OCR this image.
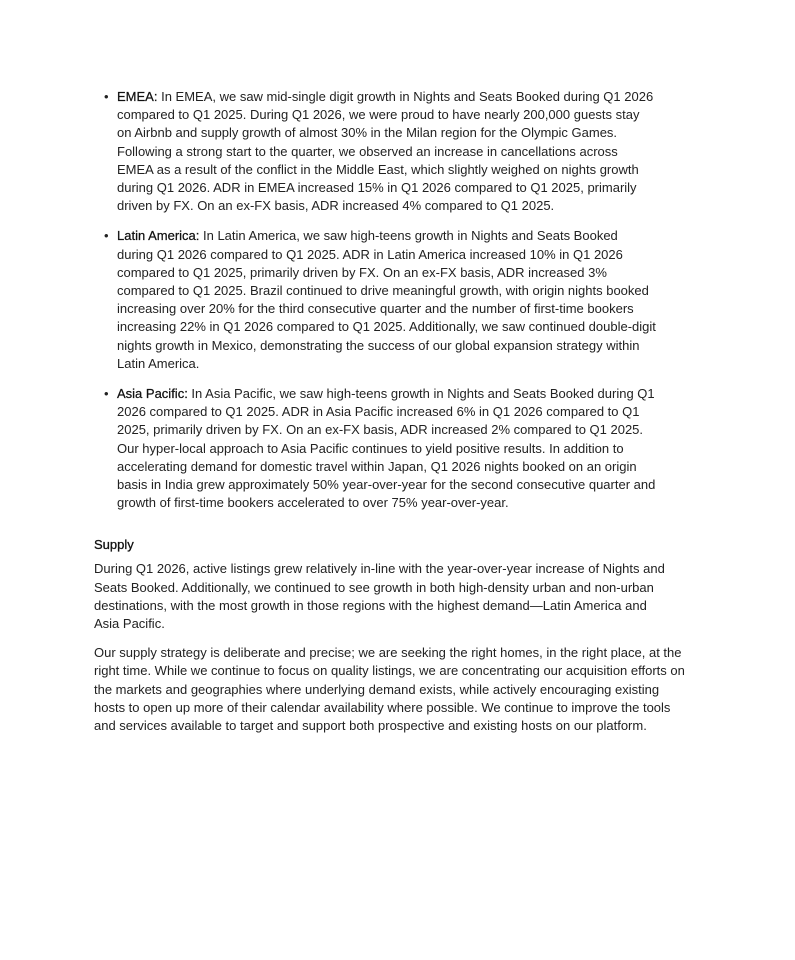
• EMEA: In EMEA, we saw mid-single digit growth in Nights and Seats Booked during Q1 2026 compared to Q1 2025. During Q1 2026, we were proud to have nearly 200,000 guests stay on Airbnb and supply growth of almost 30% in the Milan region for the Olympic Games. Following a strong start to the quarter, we observed an increase in cancellations across EMEA as a result of the conflict in the Middle East, which slightly weighed on nights growth during Q1 2026. ADR in EMEA increased 15% in Q1 2026 compared to Q1 2025, primarily driven by FX. On an ex-FX basis, ADR increased 4% compared to Q1 2025.
• Latin America: In Latin America, we saw high-teens growth in Nights and Seats Booked during Q1 2026 compared to Q1 2025. ADR in Latin America increased 10% in Q1 2026 compared to Q1 2025, primarily driven by FX. On an ex-FX basis, ADR increased 3% compared to Q1 2025. Brazil continued to drive meaningful growth, with origin nights booked increasing over 20% for the third consecutive quarter and the number of first-time bookers increasing 22% in Q1 2026 compared to Q1 2025. Additionally, we saw continued double-digit nights growth in Mexico, demonstrating the success of our global expansion strategy within Latin America.
• Asia Pacific: In Asia Pacific, we saw high-teens growth in Nights and Seats Booked during Q1 2026 compared to Q1 2025. ADR in Asia Pacific increased 6% in Q1 2026 compared to Q1 2025, primarily driven by FX. On an ex-FX basis, ADR increased 2% compared to Q1 2025. Our hyper-local approach to Asia Pacific continues to yield positive results. In addition to accelerating demand for domestic travel within Japan, Q1 2026 nights booked on an origin basis in India grew approximately 50% year-over-year for the second consecutive quarter and growth of first-time bookers accelerated to over 75% year-over-year.
Supply

During Q1 2026, active listings grew relatively in-line with the year-over-year increase of Nights and Seats Booked. Additionally, we continued to see growth in both high-density urban and non-urban destinations, with the most growth in those regions with the highest demand—Latin America and Asia Pacific.

Our supply strategy is deliberate and precise; we are seeking the right homes, in the right place, at the right time. While we continue to focus on quality listings, we are concentrating our acquisition efforts on the markets and geographies where underlying demand exists, while actively encouraging existing hosts to open up more of their calendar availability where possible. We continue to improve the tools and services available to target and support both prospective and existing hosts on our platform.
